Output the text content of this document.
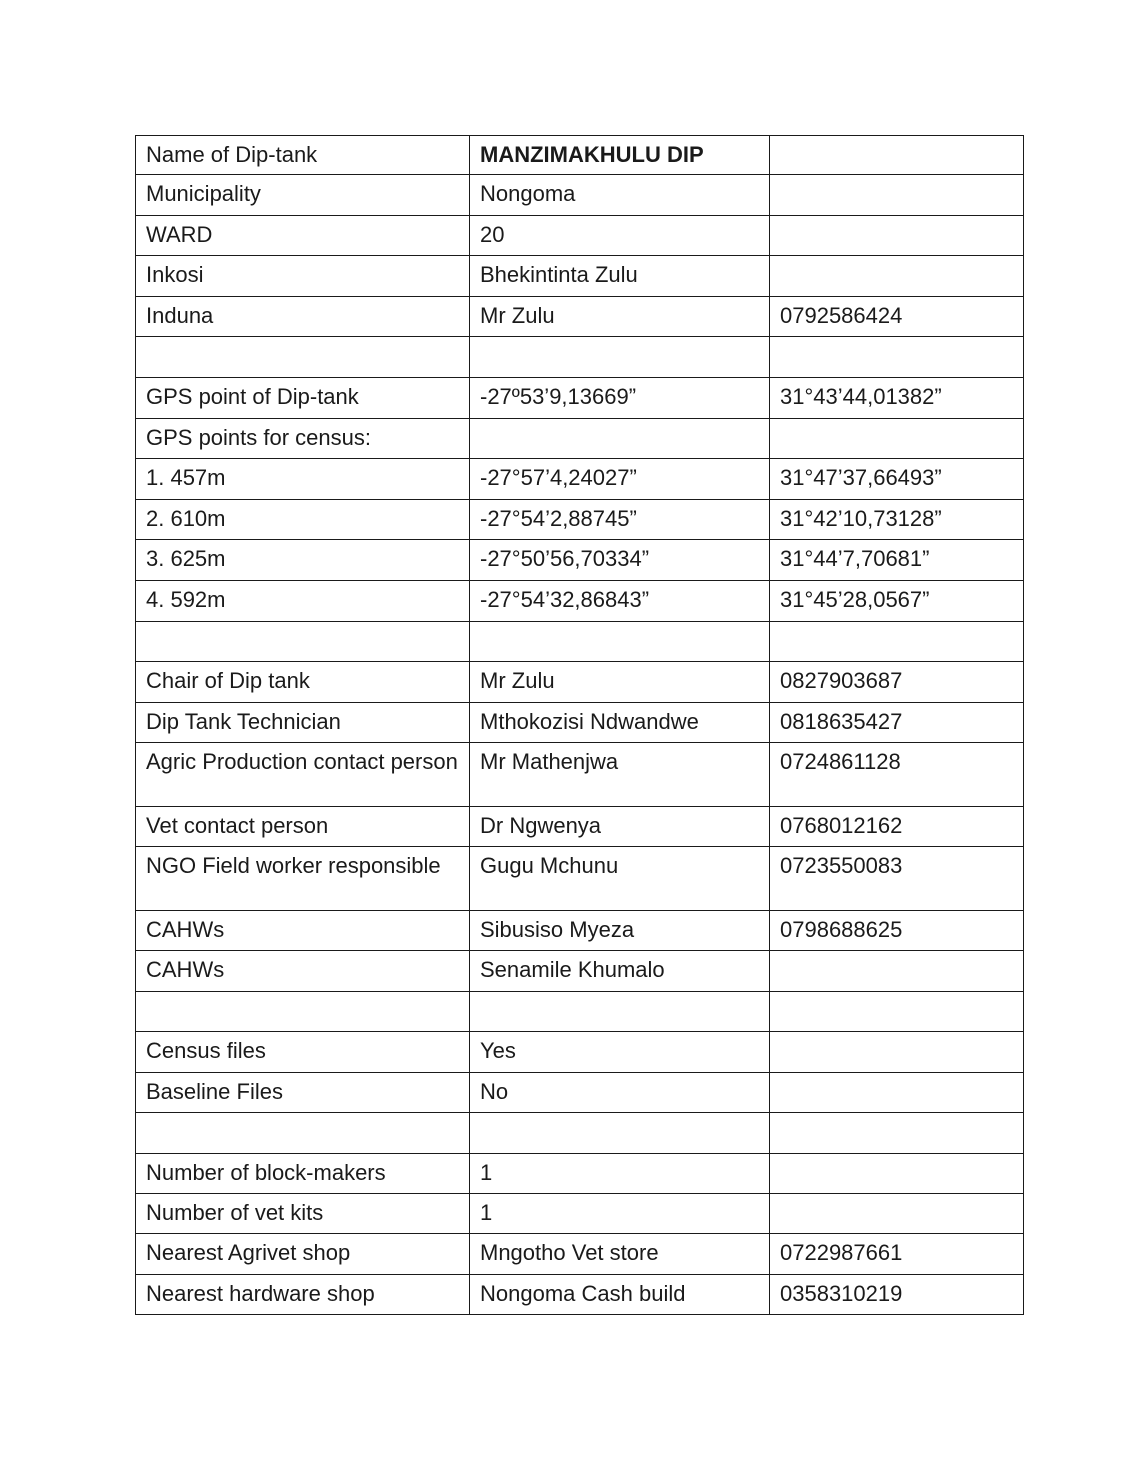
Name of Dip-tank	MANZIMAKHULU DIP	
Municipality	Nongoma	
WARD	20	
Inkosi	Bhekintinta Zulu	
Induna	Mr Zulu	0792586424

GPS point of Dip-tank	-27º53’9,13669”	31°43’44,01382”
GPS points for census:		
1. 457m	-27°57’4,24027”	31°47’37,66493”
2. 610m	-27°54’2,88745”	31°42’10,73128”
3. 625m	-27°50’56,70334”	31°44’7,70681”
4. 592m	-27°54’32,86843”	31°45’28,0567”

Chair of Dip tank	Mr Zulu	0827903687
Dip Tank Technician	Mthokozisi Ndwandwe	0818635427
Agric Production contact person	Mr Mathenjwa	0724861128
Vet contact person	Dr Ngwenya	0768012162
NGO Field worker responsible	Gugu Mchunu	0723550083
CAHWs	Sibusiso Myeza	0798688625
CAHWs	Senamile Khumalo	

Census files	Yes	
Baseline Files	No	

Number of block-makers	1	
Number of vet kits	1	
Nearest Agrivet shop	Mngotho Vet store	0722987661
Nearest hardware shop	Nongoma Cash build	0358310219
